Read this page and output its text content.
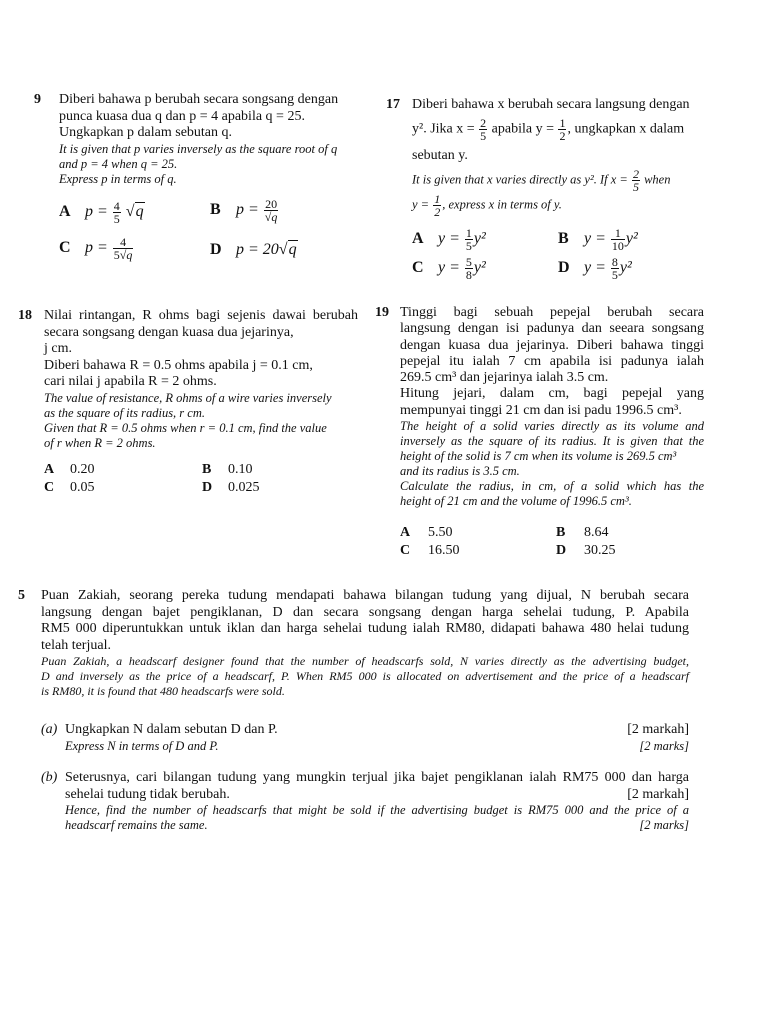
9 Diberi bahawa p berubah secara songsang dengan

punca kuasa dua q dan p = 4 apabila q = 25.

Ungkapkan p dalam sebutan q.

It is given that p varies inversely as the square root of q

and p = 4 when q = 25.

Express p in terms of q.

A $p = \frac{4}{5} √q$	B $p = \frac{20}{√q}$
C $p = \frac{4}{5√q}$	D p = 20√q
17 Diberi bahawa x berubah secara langsung dengan

y². Jika $x = \frac{2}{5}$ apabila $y = \frac{1}{2}$ , ungkapkan x dalam

sebutan y.

It is given that x varies directly as y². If $x = \frac{2}{5}$ when

$y = \frac{1}{2}$ , express x in terms of y.

A $y = \frac{1}{5} y^2$	B $y = \frac{1}{10} y^2$
C $y = \frac{5}{8} y^2$	D $y = \frac{8}{5} y^2$
18 Nilai rintangan, R ohms bagi sejenis dawai berubah

secara songsang dengan kuasa dua jejarinya,

j cm.

Diberi bahawa R = 0.5 ohms apabila j = 0.1 cm,

cari nilai j apabila R = 2 ohms.

The value of resistance, R ohms of a wire varies inversely

as the square of its radius, r cm.

Given that R = 0.5 ohms when r = 0.1 cm, find the value

of r when R = 2 ohms.

A 0.20	B 0.10
C 0.05	D 0.025
19 Tinggi bagi sebuah pepejal berubah secara

langsung dengan isi padunya dan seeara songsang

dengan kuasa dua jejarinya. Diberi bahawa tinggi

pepejal itu ialah 7 cm apabila isi padunya ialah

269.5 cm³ dan jejarinya ialah 3.5 cm.

Hitung jejari, dalam cm, bagi pepejal yang

mempunyai tinggi 21 cm dan isi padu 1996.5 cm³.

The height of a solid varies directly as its volume and

inversely as the square of its radius. It is given that the

height of the solid is 7 cm when its volume is 269.5 cm³

and its radius is 3.5 cm.

Calculate the radius, in cm, of a solid which has the

height of 21 cm and the volume of 1996.5 cm³.

A 5.50	B 8.64
C 16.50	D 30.25
5 Puan Zakiah, seorang pereka tudung mendapati bahawa bilangan tudung yang dijual, N berubah secara

langsung dengan bajet pengiklanan, D dan secara songsang dengan harga sehelai tudung, P. Apabila

RM5 000 diperuntukkan untuk iklan dan harga sehelai tudung ialah RM80, didapati bahawa 480 helai tudung

telah terjual.

Puan Zakiah, a headscarf designer found that the number of headscarfs sold, N varies directly as the advertising budget,

D and inversely as the price of a headscarf, P. When RM5 000 is allocated on advertisement and the price of a headscarf

is RM80, it is found that 480 headscarfs were sold.

(a) Ungkapkan N dalam sebutan D dan P.	[2 markah]
Express N in terms of D and P.	[2 marks]
(b) Seterusnya, cari bilangan tudung yang mungkin terjual jika bajet pengiklanan ialah RM75 000 dan harga
sehelai tudung tidak berubah.	[2 markah]
Hence, find the number of headscarfs that might be sold if the advertising budget is RM75 000 and the price of a
headscarf remains the same.	[2 marks]
